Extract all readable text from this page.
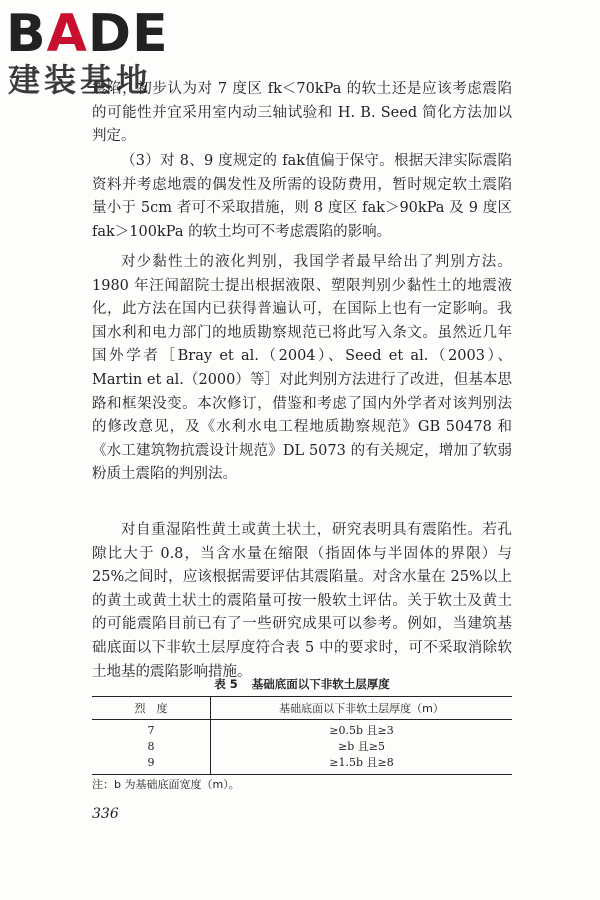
BADE
建装基地

震陷，初步认为对 7 度区 fk＜70kPa 的软土还是应该考虑震陷的可能性并宜采用室内动三轴试验和 H. B. Seed 简化方法加以判定。

（3）对 8、9 度规定的 fak值偏于保守。根据天津实际震陷资料并考虑地震的偶发性及所需的设防费用，暂时规定软土震陷量小于 5cm 者可不采取措施，则 8 度区 fak＞90kPa 及 9 度区 fak＞100kPa 的软土均可不考虑震陷的影响。

对少黏性土的液化判别，我国学者最早给出了判别方法。1980 年汪闻韶院士提出根据液限、塑限判别少黏性土的地震液化，此方法在国内已获得普遍认可，在国际上也有一定影响。我国水利和电力部门的地质勘察规范已将此写入条文。虽然近几年国外学者［Bray et al.（2004）、Seed et al.（2003）、Martin et al.（2000）等］对此判别方法进行了改进，但基本思路和框架没变。本次修订，借鉴和考虑了国内外学者对该判别法的修改意见，及《水利水电工程地质勘察规范》GB 50478 和《水工建筑物抗震设计规范》DL 5073 的有关规定，增加了软弱粉质土震陷的判别法。

对自重湿陷性黄土或黄土状土，研究表明具有震陷性。若孔隙比大于 0.8，当含水量在缩限（指固体与半固体的界限）与 25%之间时，应该根据需要评估其震陷量。对含水量在 25%以上的黄土或黄土状土的震陷量可按一般软土评估。关于软土及黄土的可能震陷目前已有了一些研究成果可以参考。例如，当建筑基础底面以下非软土层厚度符合表 5 中的要求时，可不采取消除软土地基的震陷影响措施。

表 5 基础底面以下非软土层厚度
烈　度	基础底面以下非软土层厚度（m）
7	≥0.5b 且≥3
8	≥b 且≥5
9	≥1.5b 且≥8
注：b 为基础底面宽度（m）。
336
